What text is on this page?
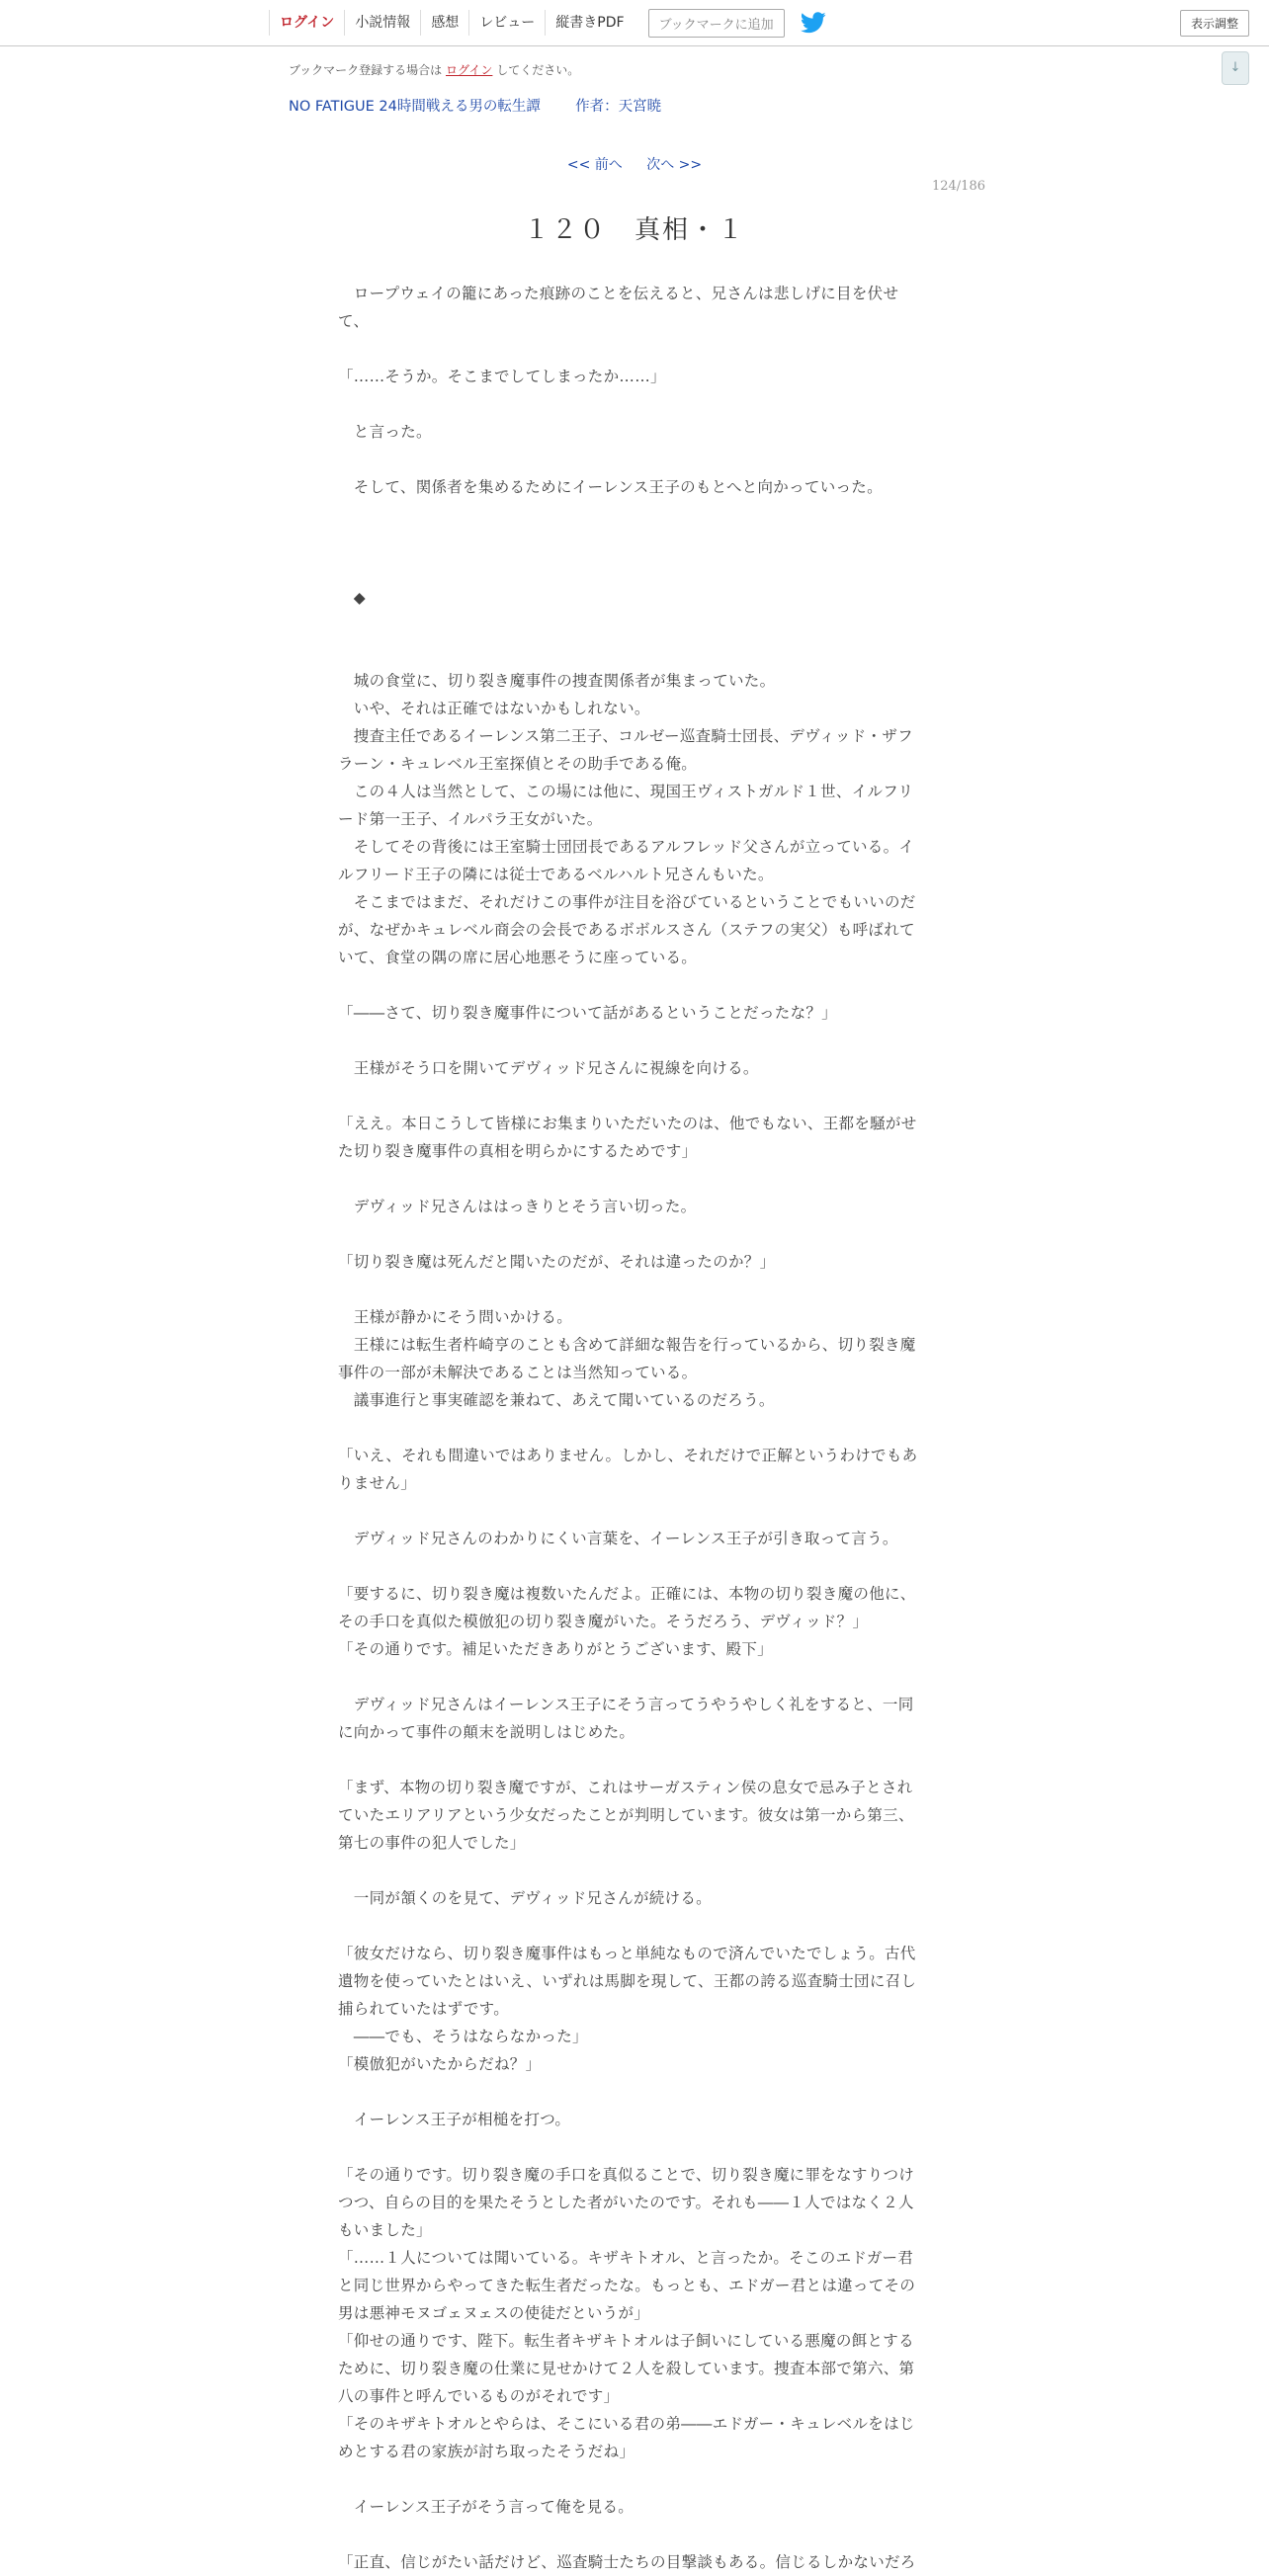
ログイン	小説情報	感想	レビュー	縦書きPDF	ブックマークに追加	表示調整
↓
ブックマーク登録する場合は ログイン してください。
NO FATIGUE 24時間戦える男の転生譚 作者：天宮暁
<< 前へ 次へ >>
124/186
１２０　真相・１

　ロープウェイの籠にあった痕跡のことを伝えると、兄さんは悲しげに目を伏せて、

「……そうか。そこまでしてしまったか……」

　と言った。

　そして、関係者を集めるためにイーレンス王子のもとへと向かっていった。

　◆

　城の食堂に、切り裂き魔事件の捜査関係者が集まっていた。

　いや、それは正確ではないかもしれない。

　捜査主任であるイーレンス第二王子、コルゼー巡査騎士団長、デヴィッド・ザフラーン・キュレベル王室探偵とその助手である俺。

　この４人は当然として、この場には他に、現国王ヴィストガルド１世、イルフリード第一王子、イルパラ王女がいた。

　そしてその背後には王室騎士団団長であるアルフレッド父さんが立っている。イルフリード王子の隣には従士であるベルハルト兄さんもいた。

　そこまではまだ、それだけこの事件が注目を浴びているということでもいいのだが、なぜかキュレベル商会の会長であるボボルスさん（ステフの実父）も呼ばれていて、食堂の隅の席に居心地悪そうに座っている。

「――さて、切り裂き魔事件について話があるということだったな？」

　王様がそう口を開いてデヴィッド兄さんに視線を向ける。

「ええ。本日こうして皆様にお集まりいただいたのは、他でもない、王都を騒がせた切り裂き魔事件の真相を明らかにするためです」

　デヴィッド兄さんははっきりとそう言い切った。

「切り裂き魔は死んだと聞いたのだが、それは違ったのか？」

　王様が静かにそう問いかける。

　王様には転生者杵崎亨のことも含めて詳細な報告を行っているから、切り裂き魔事件の一部が未解決であることは当然知っている。

　議事進行と事実確認を兼ねて、あえて聞いているのだろう。

「いえ、それも間違いではありません。しかし、それだけで正解というわけでもありません」

　デヴィッド兄さんのわかりにくい言葉を、イーレンス王子が引き取って言う。

「要するに、切り裂き魔は複数いたんだよ。正確には、本物の切り裂き魔の他に、その手口を真似た模倣犯の切り裂き魔がいた。そうだろう、デヴィッド？」

「その通りです。補足いただきありがとうございます、殿下」

　デヴィッド兄さんはイーレンス王子にそう言ってうやうやしく礼をすると、一同に向かって事件の顛末を説明しはじめた。

「まず、本物の切り裂き魔ですが、これはサーガスティン侯の息女で忌み子とされていたエリアリアという少女だったことが判明しています。彼女は第一から第三、第七の事件の犯人でした」

　一同が頷くのを見て、デヴィッド兄さんが続ける。

「彼女だけなら、切り裂き魔事件はもっと単純なもので済んでいたでしょう。古代遺物を使っていたとはいえ、いずれは馬脚を現して、王都の誇る巡査騎士団に召し捕られていたはずです。

　――でも、そうはならなかった」

「模倣犯がいたからだね？」

　イーレンス王子が相槌を打つ。

「その通りです。切り裂き魔の手口を真似ることで、切り裂き魔に罪をなすりつけつつ、自らの目的を果たそうとした者がいたのです。それも――１人ではなく２人もいました」

「……１人については聞いている。キザキトオル、と言ったか。そこのエドガー君と同じ世界からやってきた転生者だったな。もっとも、エドガー君とは違ってその男は悪神モヌゴェヌェスの使徒だというが」

「仰せの通りです、陛下。転生者キザキトオルは子飼いにしている悪魔の餌とするために、切り裂き魔の仕業に見せかけて２人を殺しています。捜査本部で第六、第八の事件と呼んでいるものがそれです」

「そのキザキトオルとやらは、そこにいる君の弟――エドガー・キュレベルをはじめとする君の家族が討ち取ったそうだね」

　イーレンス王子がそう言って俺を見る。

「正直、信じがたい話だけど、巡査騎士たちの目撃談もある。信じるしかないだろ
